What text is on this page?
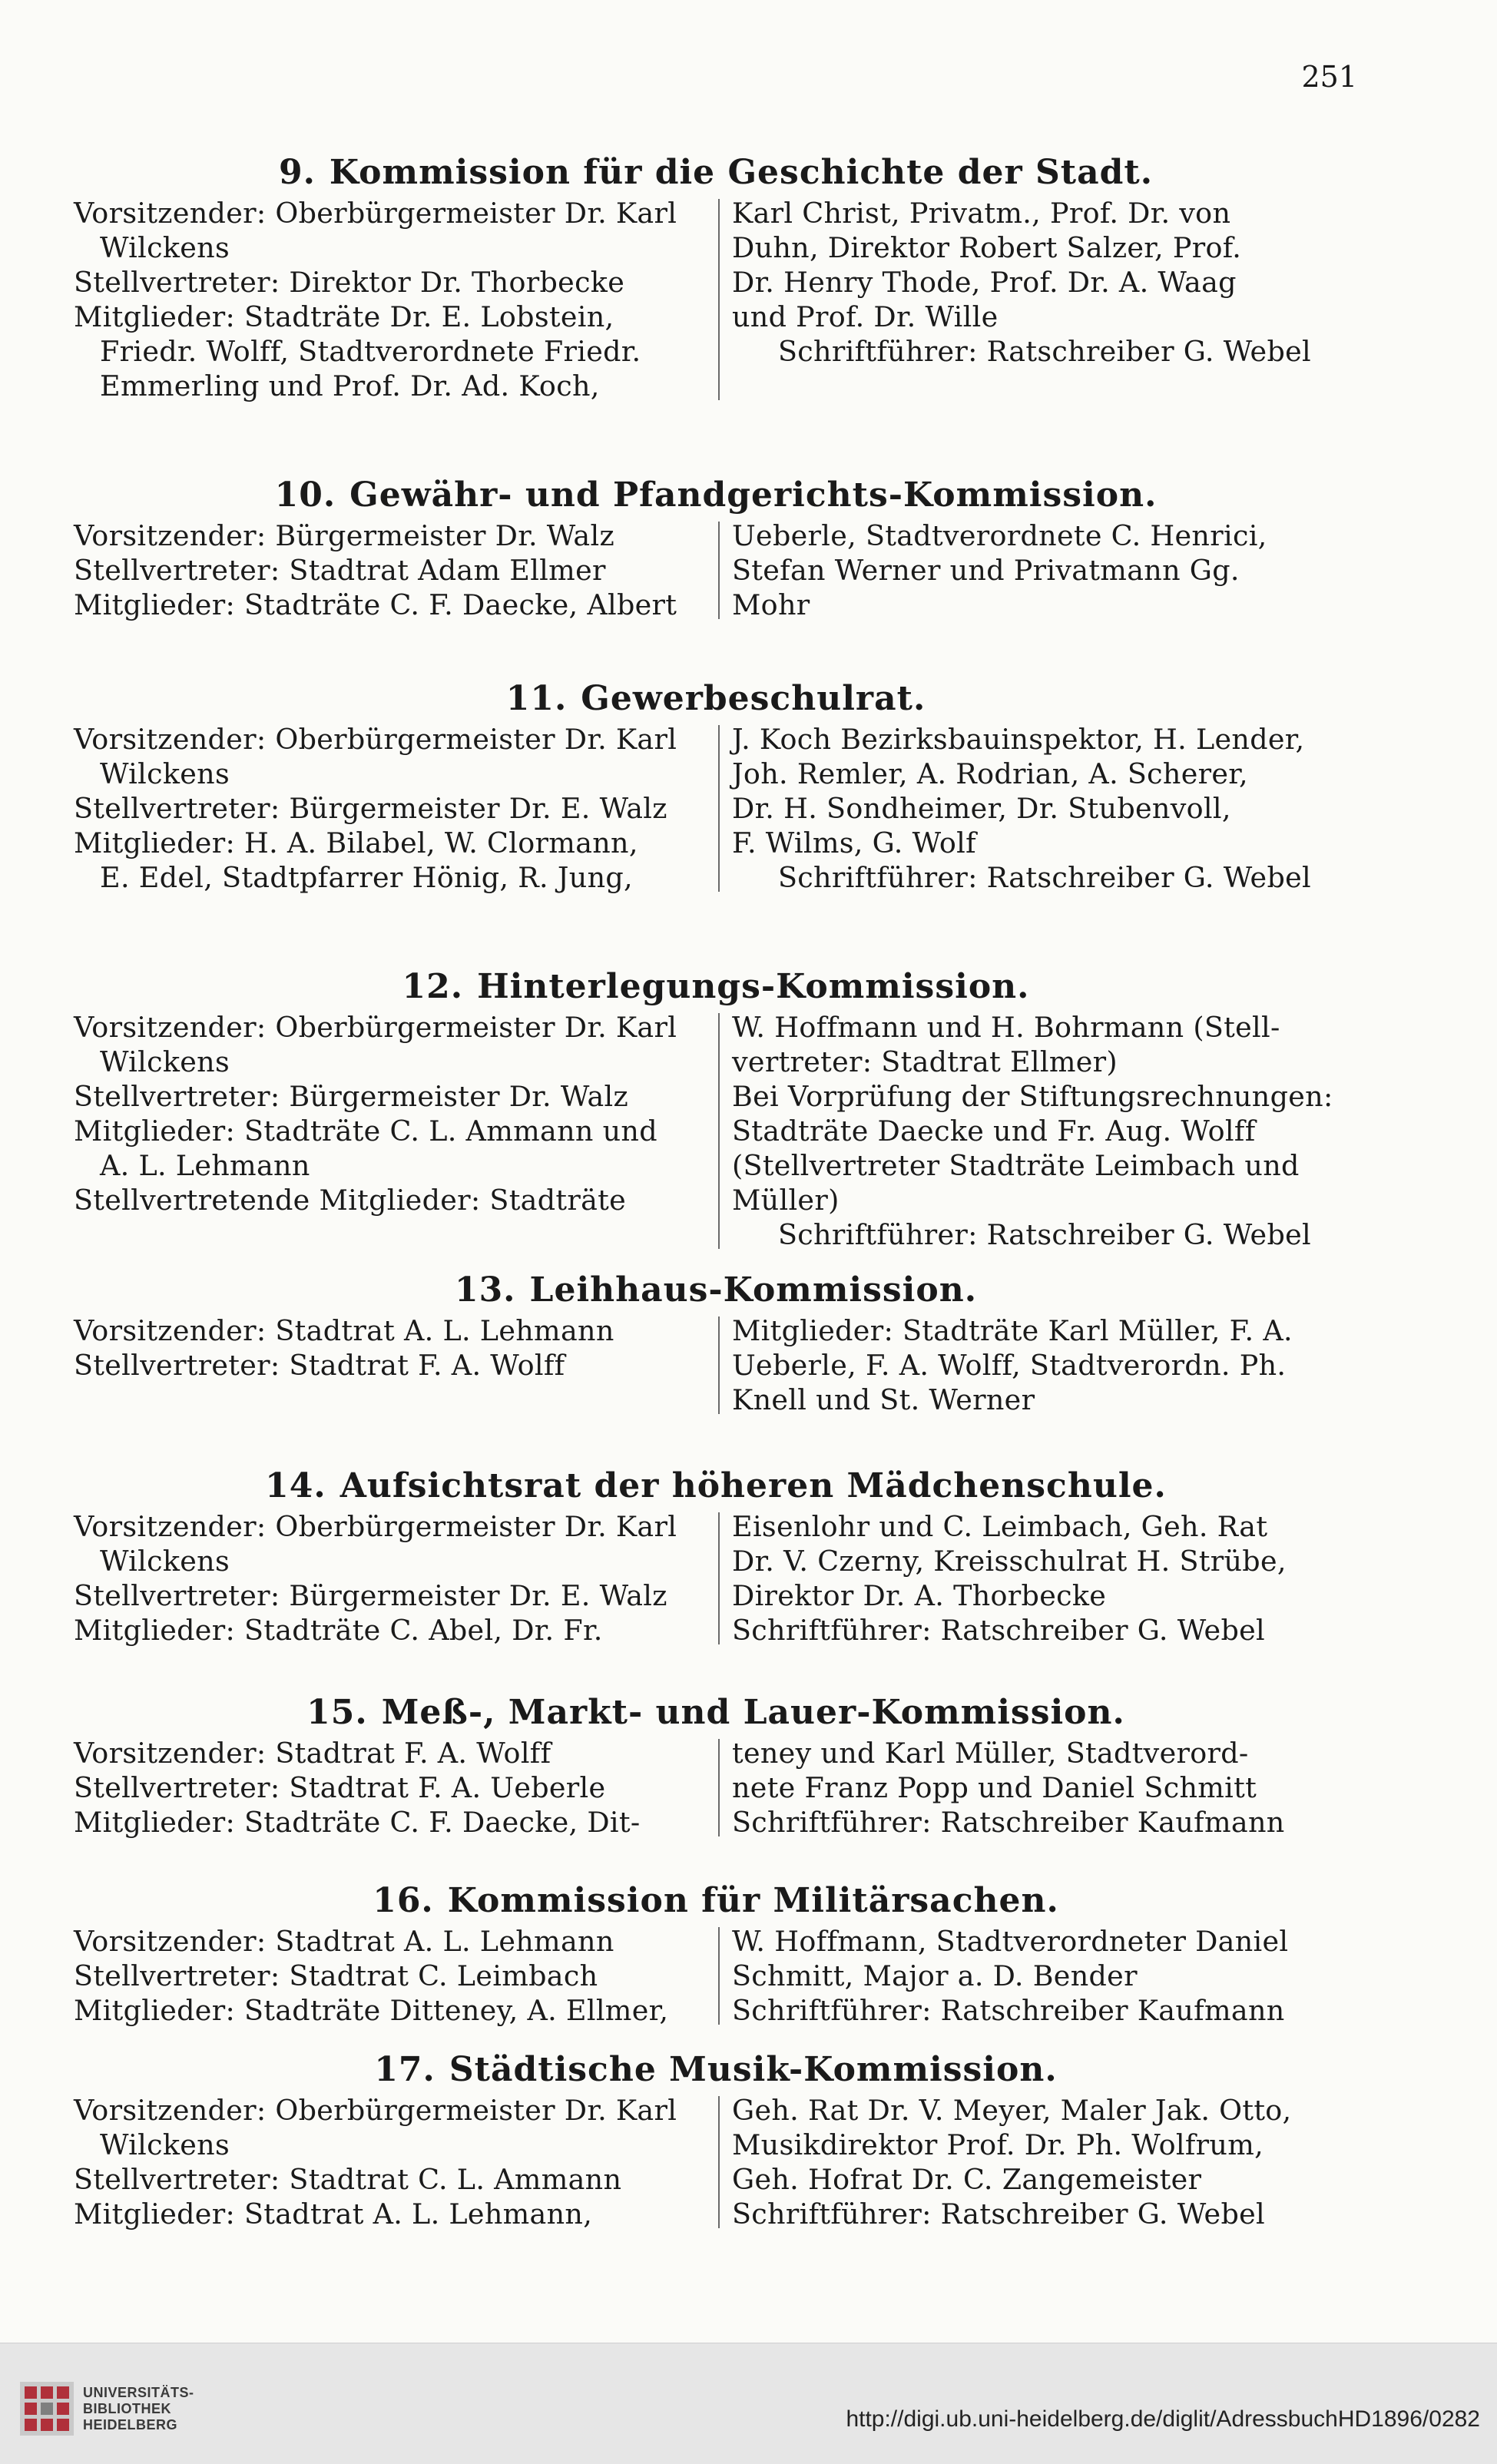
251
9. Kommission für die Geschichte der Stadt.
Vorsitzender: Oberbürgermeister Dr. Karl
Wilckens
Stellvertreter: Direktor Dr. Thorbecke
Mitglieder: Stadträte Dr. E. Lobstein,
Friedr. Wolff, Stadtverordnete Friedr.
Emmerling und Prof. Dr. Ad. Koch,
Karl Christ, Privatm., Prof. Dr. von
Duhn, Direktor Robert Salzer, Prof.
Dr. Henry Thode, Prof. Dr. A. Waag
und Prof. Dr. Wille
Schriftführer: Ratschreiber G. Webel
10. Gewähr- und Pfandgerichts-Kommission.
Vorsitzender: Bürgermeister Dr. Walz
Stellvertreter: Stadtrat Adam Ellmer
Mitglieder: Stadträte C. F. Daecke, Albert
Ueberle, Stadtverordnete C. Henrici,
Stefan Werner und Privatmann Gg.
Mohr
11. Gewerbeschulrat.
Vorsitzender: Oberbürgermeister Dr. Karl
Wilckens
Stellvertreter: Bürgermeister Dr. E. Walz
Mitglieder: H. A. Bilabel, W. Clormann,
E. Edel, Stadtpfarrer Hönig, R. Jung,
J. Koch Bezirksbauinspektor, H. Lender,
Joh. Remler, A. Rodrian, A. Scherer,
Dr. H. Sondheimer, Dr. Stubenvoll,
F. Wilms, G. Wolf
Schriftführer: Ratschreiber G. Webel
12. Hinterlegungs-Kommission.
Vorsitzender: Oberbürgermeister Dr. Karl
Wilckens
Stellvertreter: Bürgermeister Dr. Walz
Mitglieder: Stadträte C. L. Ammann und
A. L. Lehmann
Stellvertretende Mitglieder: Stadträte
W. Hoffmann und H. Bohrmann (Stell-
vertreter: Stadtrat Ellmer)
Bei Vorprüfung der Stiftungsrechnungen:
Stadträte Daecke und Fr. Aug. Wolff
(Stellvertreter Stadträte Leimbach und
Müller)
Schriftführer: Ratschreiber G. Webel
13. Leihhaus-Kommission.
Vorsitzender: Stadtrat A. L. Lehmann
Stellvertreter: Stadtrat F. A. Wolff
Mitglieder: Stadträte Karl Müller, F. A.
Ueberle, F. A. Wolff, Stadtverordn. Ph.
Knell und St. Werner
14. Aufsichtsrat der höheren Mädchenschule.
Vorsitzender: Oberbürgermeister Dr. Karl
Wilckens
Stellvertreter: Bürgermeister Dr. E. Walz
Mitglieder: Stadträte C. Abel, Dr. Fr.
Eisenlohr und C. Leimbach, Geh. Rat
Dr. V. Czerny, Kreisschulrat H. Strübe,
Direktor Dr. A. Thorbecke
Schriftführer: Ratschreiber G. Webel
15. Meß-, Markt- und Lauer-Kommission.
Vorsitzender: Stadtrat F. A. Wolff
Stellvertreter: Stadtrat F. A. Ueberle
Mitglieder: Stadträte C. F. Daecke, Dit-
teney und Karl Müller, Stadtverord-
nete Franz Popp und Daniel Schmitt
Schriftführer: Ratschreiber Kaufmann
16. Kommission für Militärsachen.
Vorsitzender: Stadtrat A. L. Lehmann
Stellvertreter: Stadtrat C. Leimbach
Mitglieder: Stadträte Ditteney, A. Ellmer,
W. Hoffmann, Stadtverordneter Daniel
Schmitt, Major a. D. Bender
Schriftführer: Ratschreiber Kaufmann
17. Städtische Musik-Kommission.
Vorsitzender: Oberbürgermeister Dr. Karl
Wilckens
Stellvertreter: Stadtrat C. L. Ammann
Mitglieder: Stadtrat A. L. Lehmann,
Geh. Rat Dr. V. Meyer, Maler Jak. Otto,
Musikdirektor Prof. Dr. Ph. Wolfrum,
Geh. Hofrat Dr. C. Zangemeister
Schriftführer: Ratschreiber G. Webel
UNIVERSITÄTS-
BIBLIOTHEK
HEIDELBERG	http://digi.ub.uni-heidelberg.de/diglit/AdressbuchHD1896/0282
